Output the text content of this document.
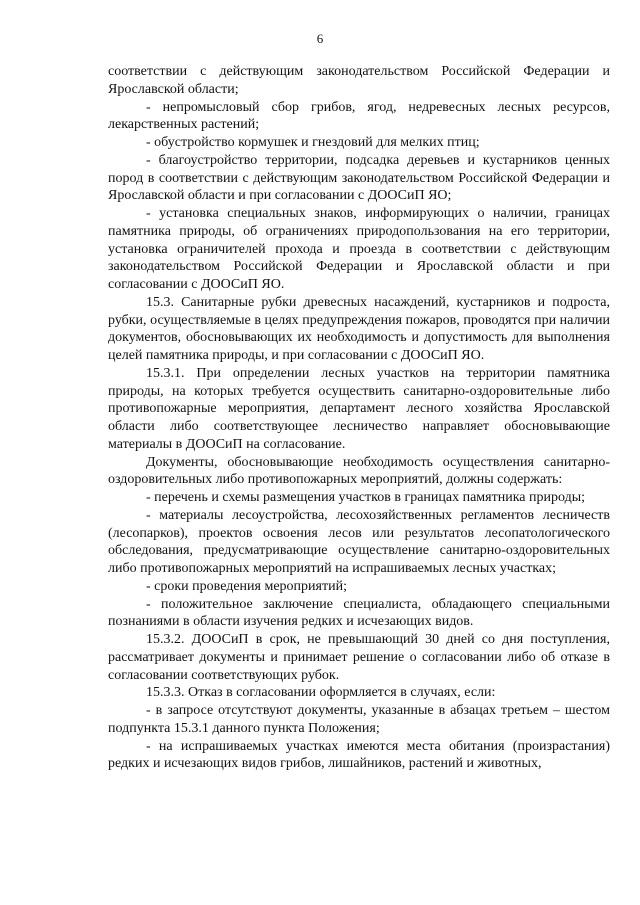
6

соответствии с действующим законодательством Российской Федерации и Ярославской области;

- непромысловый сбор грибов, ягод, недревесных лесных ресурсов, лекарственных растений;

- обустройство кормушек и гнездовий для мелких птиц;

- благоустройство территории, подсадка деревьев и кустарников ценных пород в соответствии с действующим законодательством Российской Федерации и Ярославской области и при согласовании с ДООСиП ЯО;

- установка специальных знаков, информирующих о наличии, границах памятника природы, об ограничениях природопользования на его территории, установка ограничителей прохода и проезда в соответствии с действующим законодательством Российской Федерации и Ярославской области и при согласовании с ДООСиП ЯО.

15.3. Санитарные рубки древесных насаждений, кустарников и подроста, рубки, осуществляемые в целях предупреждения пожаров, проводятся при наличии документов, обосновывающих их необходимость и допустимость для выполнения целей памятника природы, и при согласовании с ДООСиП ЯО.

15.3.1. При определении лесных участков на территории памятника природы, на которых требуется осуществить санитарно-оздоровительные либо противопожарные мероприятия, департамент лесного хозяйства Ярославской области либо соответствующее лесничество направляет обосновывающие материалы в ДООСиП на согласование.

Документы, обосновывающие необходимость осуществления санитарно-оздоровительных либо противопожарных мероприятий, должны содержать:

- перечень и схемы размещения участков в границах памятника природы;

- материалы лесоустройства, лесохозяйственных регламентов лесничеств (лесопарков), проектов освоения лесов или результатов лесопатологического обследования, предусматривающие осуществление санитарно-оздоровительных либо противопожарных мероприятий на испрашиваемых лесных участках;

- сроки проведения мероприятий;

- положительное заключение специалиста, обладающего специальными познаниями в области изучения редких и исчезающих видов.

15.3.2. ДООСиП в срок, не превышающий 30 дней со дня поступления, рассматривает документы и принимает решение о согласовании либо об отказе в согласовании соответствующих рубок.

15.3.3. Отказ в согласовании оформляется в случаях, если:

- в запросе отсутствуют документы, указанные в абзацах третьем – шестом подпункта 15.3.1 данного пункта Положения;

- на испрашиваемых участках имеются места обитания (произрастания) редких и исчезающих видов грибов, лишайников, растений и животных,
